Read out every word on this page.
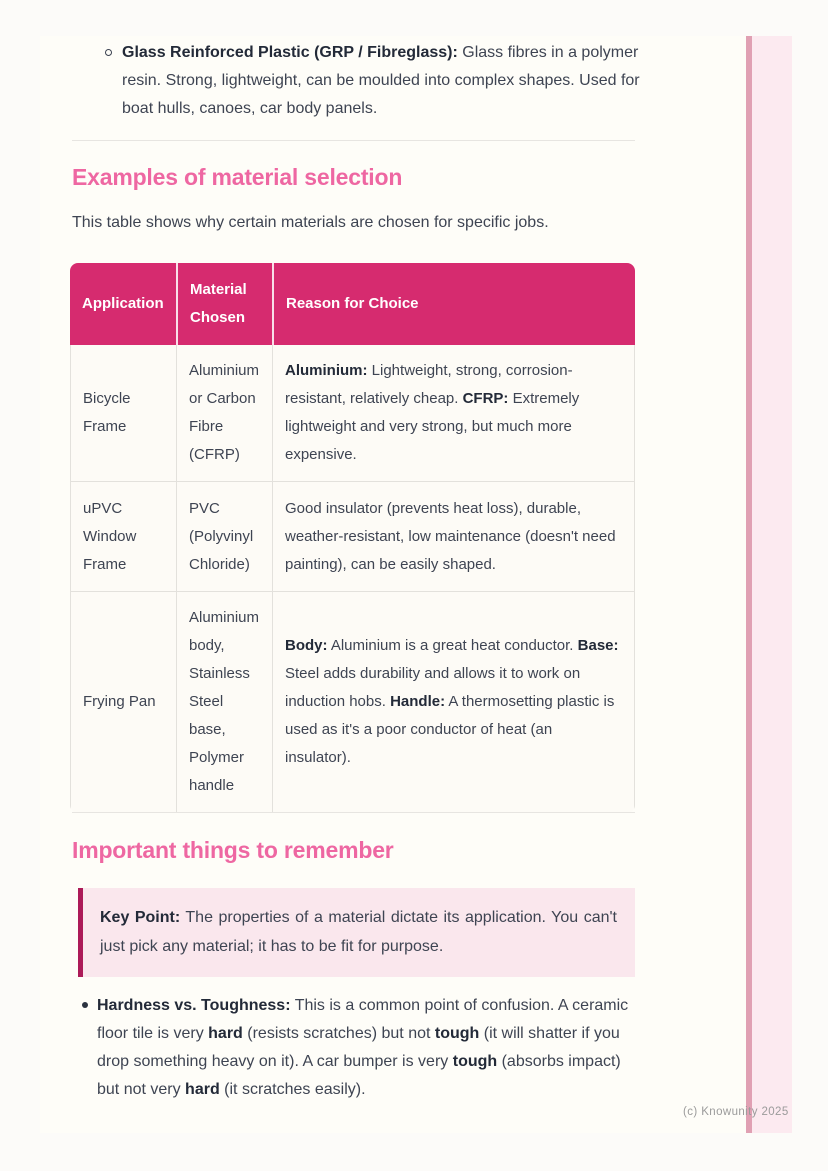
Glass Reinforced Plastic (GRP / Fibreglass): Glass fibres in a polymer resin. Strong, lightweight, can be moulded into complex shapes. Used for boat hulls, canoes, car body panels.
Examples of material selection

This table shows why certain materials are chosen for specific jobs.

Application	Material Chosen	Reason for Choice
Bicycle Frame	Aluminium or Carbon Fibre (CFRP)	Aluminium: Lightweight, strong, corrosion-resistant, relatively cheap. CFRP: Extremely lightweight and very strong, but much more expensive.
uPVC Window Frame	PVC (Polyvinyl Chloride)	Good insulator (prevents heat loss), durable, weather-resistant, low maintenance (doesn't need painting), can be easily shaped.
Frying Pan	Aluminium body, Stainless Steel base, Polymer handle	Body: Aluminium is a great heat conductor. Base: Steel adds durability and allows it to work on induction hobs. Handle: A thermosetting plastic is used as it's a poor conductor of heat (an insulator).
Important things to remember
Key Point: The properties of a material dictate its application. You can't just pick any material; it has to be fit for purpose.
Hardness vs. Toughness: This is a common point of confusion. A ceramic floor tile is very hard (resists scratches) but not tough (it will shatter if you drop something heavy on it). A car bumper is very tough (absorbs impact) but not very hard (it scratches easily).
(c) Knowunity 2025
